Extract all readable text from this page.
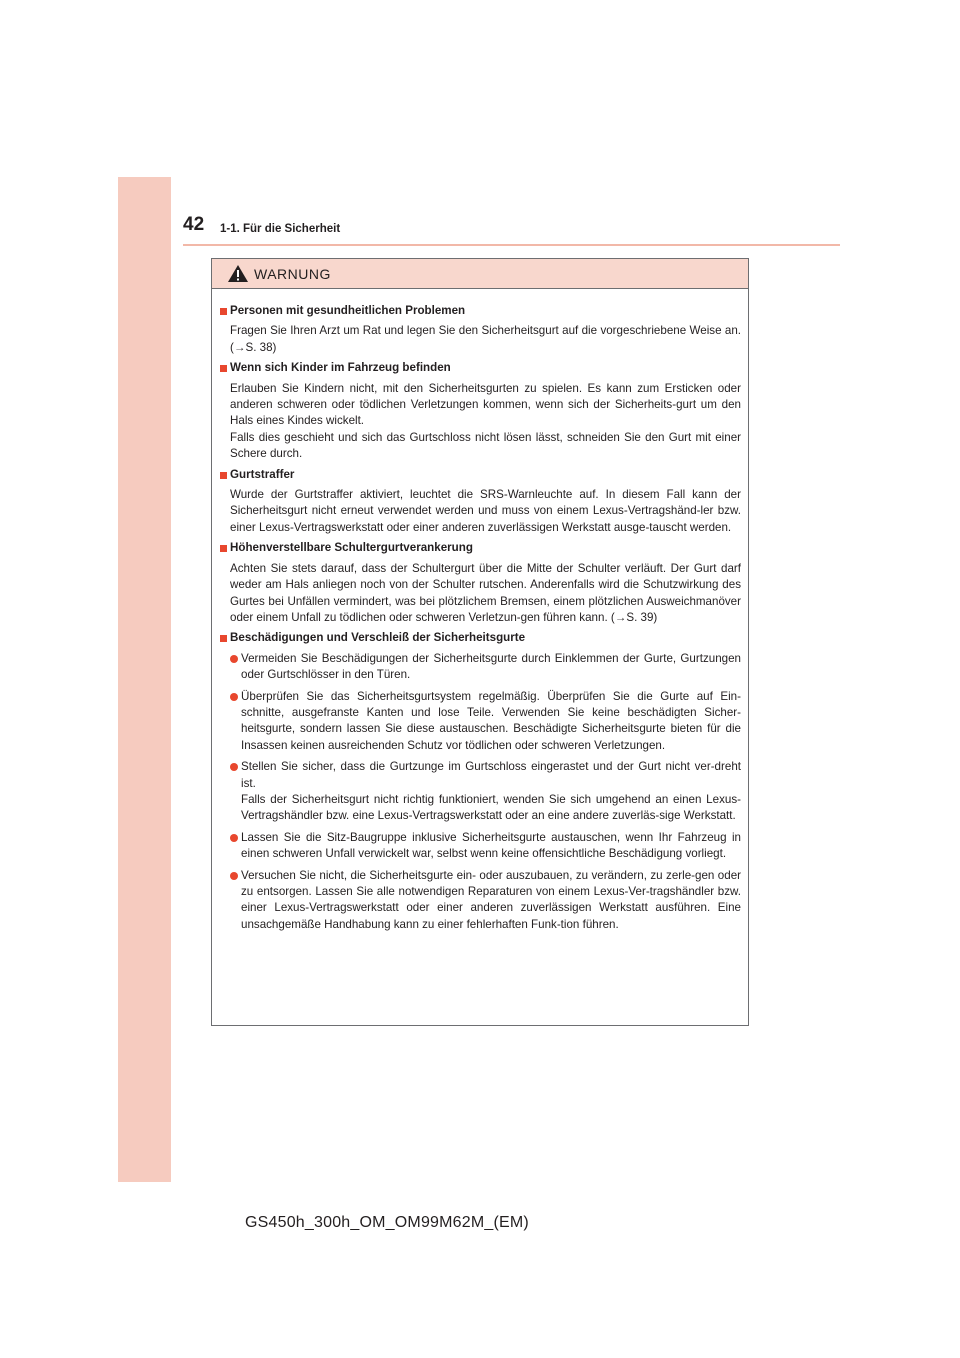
42 1-1. Für die Sicherheit
WARNUNG
Personen mit gesundheitlichen Problemen
Fragen Sie Ihren Arzt um Rat und legen Sie den Sicherheitsgurt auf die vorgeschriebene Weise an. (→S. 38)
Wenn sich Kinder im Fahrzeug befinden
Erlauben Sie Kindern nicht, mit den Sicherheitsgurten zu spielen. Es kann zum Ersticken oder anderen schweren oder tödlichen Verletzungen kommen, wenn sich der Sicherheits-gurt um den Hals eines Kindes wickelt.
Falls dies geschieht und sich das Gurtschloss nicht lösen lässt, schneiden Sie den Gurt mit einer Schere durch.
Gurtstraffer
Wurde der Gurtstraffer aktiviert, leuchtet die SRS-Warnleuchte auf. In diesem Fall kann der Sicherheitsgurt nicht erneut verwendet werden und muss von einem Lexus-Vertragshänd-ler bzw. einer Lexus-Vertragswerkstatt oder einer anderen zuverlässigen Werkstatt ausge-tauscht werden.
Höhenverstellbare Schultergurtverankerung
Achten Sie stets darauf, dass der Schultergurt über die Mitte der Schulter verläuft. Der Gurt darf weder am Hals anliegen noch von der Schulter rutschen. Anderenfalls wird die Schutzwirkung des Gurtes bei Unfällen vermindert, was bei plötzlichem Bremsen, einem plötzlichen Ausweichmanöver oder einem Unfall zu tödlichen oder schweren Verletzun-gen führen kann. (→S. 39)
Beschädigungen und Verschleiß der Sicherheitsgurte
Vermeiden Sie Beschädigungen der Sicherheitsgurte durch Einklemmen der Gurte, Gurtzungen oder Gurtschlösser in den Türen.
Überprüfen Sie das Sicherheitsgurtsystem regelmäßig. Überprüfen Sie die Gurte auf Ein-schnitte, ausgefranste Kanten und lose Teile. Verwenden Sie keine beschädigten Sicher-heitsgurte, sondern lassen Sie diese austauschen. Beschädigte Sicherheitsgurte bieten für die Insassen keinen ausreichenden Schutz vor tödlichen oder schweren Verletzungen.
Stellen Sie sicher, dass die Gurtzunge im Gurtschloss eingerastet und der Gurt nicht ver-dreht ist.
Falls der Sicherheitsgurt nicht richtig funktioniert, wenden Sie sich umgehend an einen Lexus-Vertragshändler bzw. eine Lexus-Vertragswerkstatt oder an eine andere zuverläs-sige Werkstatt.
Lassen Sie die Sitz-Baugruppe inklusive Sicherheitsgurte austauschen, wenn Ihr Fahrzeug in einen schweren Unfall verwickelt war, selbst wenn keine offensichtliche Beschädigung vorliegt.
Versuchen Sie nicht, die Sicherheitsgurte ein- oder auszubauen, zu verändern, zu zerle-gen oder zu entsorgen. Lassen Sie alle notwendigen Reparaturen von einem Lexus-Ver-tragshändler bzw. einer Lexus-Vertragswerkstatt oder einer anderen zuverlässigen Werkstatt ausführen. Eine unsachgemäße Handhabung kann zu einer fehlerhaften Funk-tion führen.
GS450h_300h_OM_OM99M62M_(EM)
